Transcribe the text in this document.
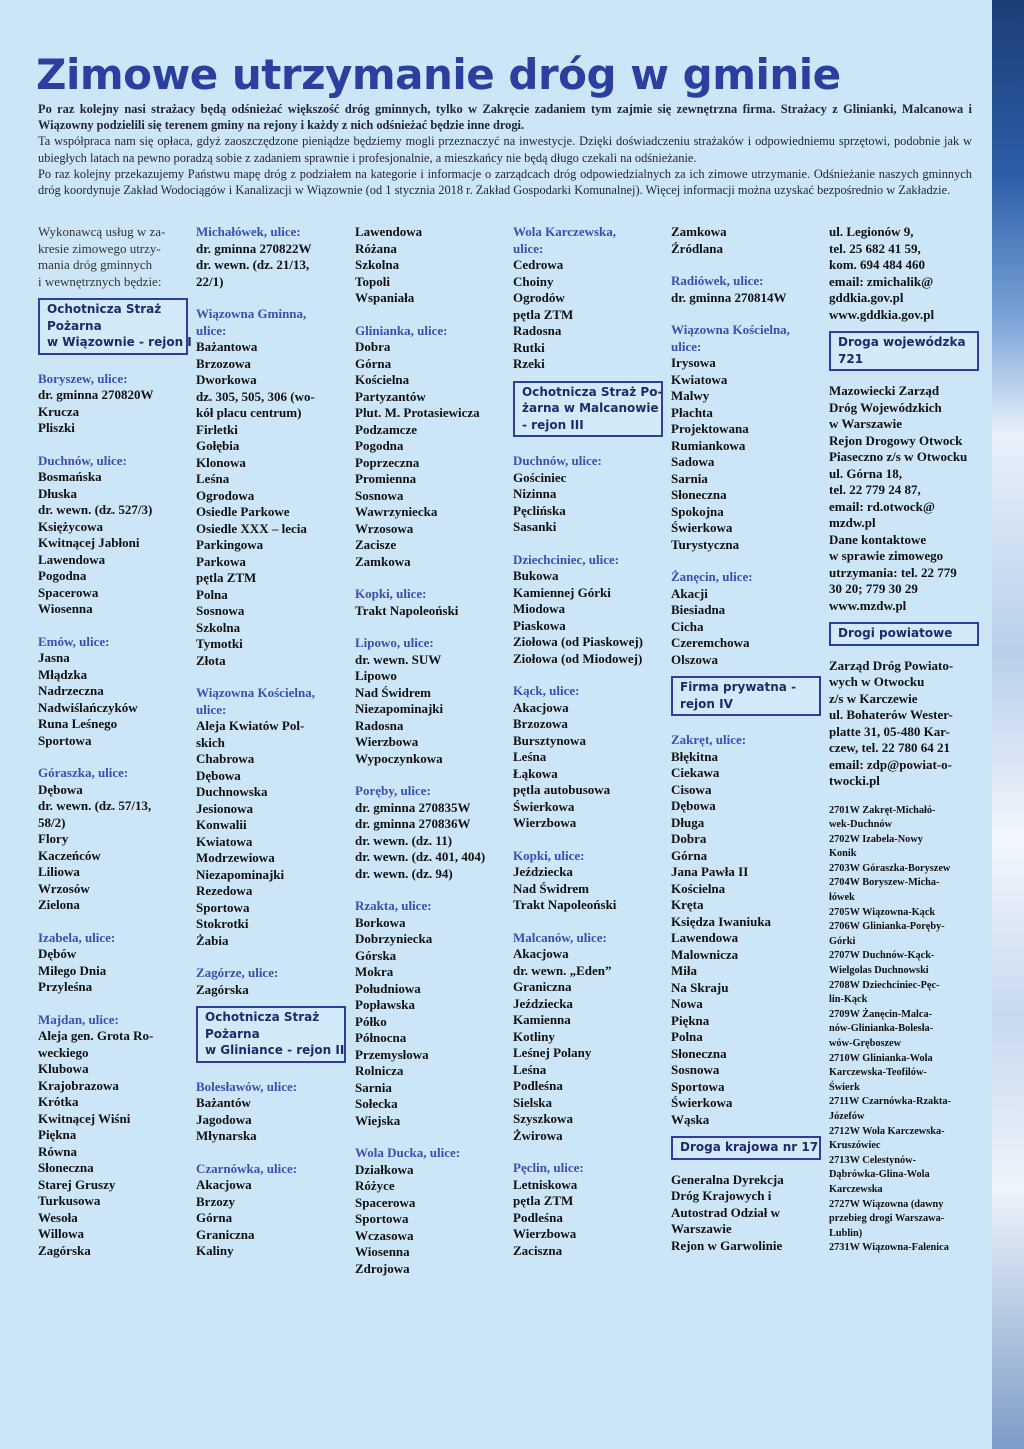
Zimowe utrzymanie dróg w gminie

Po raz kolejny nasi strażacy będą odśnieżać większość dróg gminnych, tylko w Zakręcie zadaniem tym zajmie się zewnętrzna firma. Strażacy z Glinianki, Malcanowa i Wiązowny podzielili się terenem gminy na rejony i każdy z nich odśnieżać będzie inne drogi.

Ta współpraca nam się opłaca, gdyż zaoszczędzone pieniądze będziemy mogli przeznaczyć na inwestycje. Dzięki doświadczeniu strażaków i odpowiedniemu sprzętowi, podobnie jak w ubiegłych latach na pewno poradzą sobie z zadaniem sprawnie i profesjonalnie, a mieszkańcy nie będą długo czekali na odśnieżanie.

Po raz kolejny przekazujemy Państwu mapę dróg z podziałem na kategorie i informacje o zarządcach dróg odpowiedzialnych za ich zimowe utrzymanie. Odśnieżanie naszych gminnych dróg koordynuje Zakład Wodociągów i Kanalizacji w Wiązownie (od 1 stycznia 2018 r. Zakład Gospodarki Komunalnej). Więcej informacji można uzyskać bezpośrednio w Zakładzie.

Wykonawcą usług w za-
kresie zimowego utrzy-
mania dróg gminnych
i wewnętrznych będzie:
Ochotnicza Straż
Pożarna
w Wiązownie - rejon I
Boryszew, ulice:
dr. gminna 270820W
Krucza
Pliszki
Duchnów, ulice:
Bosmańska
Dłuska
dr. wewn. (dz. 527/3)
Księżycowa
Kwitnącej Jabłoni
Lawendowa
Pogodna
Spacerowa
Wiosenna
Emów, ulice:
Jasna
Młądzka
Nadrzeczna
Nadwiślańczyków
Runa Leśnego
Sportowa
Góraszka, ulice:
Dębowa
dr. wewn. (dz. 57/13,
58/2)
Flory
Kaczeńców
Liliowa
Wrzosów
Zielona
Izabela, ulice:
Dębów
Miłego Dnia
Przyleśna
Majdan, ulice:
Aleja gen. Grota Ro-
weckiego
Klubowa
Krajobrazowa
Krótka
Kwitnącej Wiśni
Piękna
Równa
Słoneczna
Starej Gruszy
Turkusowa
Wesoła
Willowa
Zagórska
Michałówek, ulice:
dr. gminna 270822W
dr. wewn. (dz. 21/13,
22/1)
Wiązowna Gminna,
ulice:
Bażantowa
Brzozowa
Dworkowa
dz. 305, 505, 306 (wo-
kół placu centrum)
Firletki
Gołębia
Klonowa
Leśna
Ogrodowa
Osiedle Parkowe
Osiedle XXX – lecia
Parkingowa
Parkowa
pętla ZTM
Polna
Sosnowa
Szkolna
Tymotki
Złota
Wiązowna Kościelna,
ulice:
Aleja Kwiatów Pol-
skich
Chabrowa
Dębowa
Duchnowska
Jesionowa
Konwalii
Kwiatowa
Modrzewiowa
Niezapominajki
Rezedowa
Sportowa
Stokrotki
Żabia
Zagórze, ulice:
Zagórska
Ochotnicza Straż
Pożarna
w Gliniance - rejon II
Bolesławów, ulice:
Bażantów
Jagodowa
Młynarska
Czarnówka, ulice:
Akacjowa
Brzozy
Górna
Graniczna
Kaliny
Lawendowa
Różana
Szkolna
Topoli
Wspaniała
Glinianka, ulice:
Dobra
Górna
Kościelna
Partyzantów
Plut. M. Protasiewicza
Podzamcze
Pogodna
Poprzeczna
Promienna
Sosnowa
Wawrzyniecka
Wrzosowa
Zacisze
Zamkowa
Kopki, ulice:
Trakt Napoleoński
Lipowo, ulice:
dr. wewn. SUW
Lipowo
Nad Świdrem
Niezapominajki
Radosna
Wierzbowa
Wypoczynkowa
Poręby, ulice:
dr. gminna 270835W
dr. gminna 270836W
dr. wewn. (dz. 11)
dr. wewn. (dz. 401, 404)
dr. wewn. (dz. 94)
Rzakta, ulice:
Borkowa
Dobrzyniecka
Górska
Mokra
Południowa
Popławska
Półko
Północna
Przemysłowa
Rolnicza
Sarnia
Sołecka
Wiejska
Wola Ducka, ulice:
Działkowa
Różyce
Spacerowa
Sportowa
Wczasowa
Wiosenna
Zdrojowa
Wola Karczewska,
ulice:
Cedrowa
Choiny
Ogrodów
pętla ZTM
Radosna
Rutki
Rzeki
Ochotnicza Straż Po-
żarna w Malcanowie
- rejon III
Duchnów, ulice:
Gościniec
Nizinna
Pęclińska
Sasanki
Dziechciniec, ulice:
Bukowa
Kamiennej Górki
Miodowa
Piaskowa
Ziołowa (od Piaskowej)
Ziołowa (od Miodowej)
Kąck, ulice:
Akacjowa
Brzozowa
Bursztynowa
Leśna
Łąkowa
pętla autobusowa
Świerkowa
Wierzbowa
Kopki, ulice:
Jeździecka
Nad Świdrem
Trakt Napoleoński
Malcanów, ulice:
Akacjowa
dr. wewn. „Eden”
Graniczna
Jeździecka
Kamienna
Kotliny
Leśnej Polany
Leśna
Podleśna
Sielska
Szyszkowa
Żwirowa
Pęclin, ulice:
Letniskowa
pętla ZTM
Podleśna
Wierzbowa
Zaciszna
Zamkowa
Źródlana
Radiówek, ulice:
dr. gminna 270814W
Wiązowna Kościelna,
ulice:
Irysowa
Kwiatowa
Malwy
Płachta
Projektowana
Rumiankowa
Sadowa
Sarnia
Słoneczna
Spokojna
Świerkowa
Turystyczna
Żanęcin, ulice:
Akacji
Biesiadna
Cicha
Czeremchowa
Olszowa
Firma prywatna -
rejon IV
Zakręt, ulice:
Błękitna
Ciekawa
Cisowa
Dębowa
Długa
Dobra
Górna
Jana Pawła II
Kościelna
Kręta
Księdza Iwaniuka
Lawendowa
Malownicza
Miła
Na Skraju
Nowa
Piękna
Polna
Słoneczna
Sosnowa
Sportowa
Świerkowa
Wąska
Droga krajowa nr 17
Generalna Dyrekcja
Dróg Krajowych i
Autostrad Odział w
Warszawie
Rejon w Garwolinie
ul. Legionów 9,
tel. 25 682 41 59,
kom. 694 484 460
email: zmichalik@
gddkia.gov.pl
www.gddkia.gov.pl
Droga wojewódzka
721
Mazowiecki Zarząd
Dróg Wojewódzkich
w Warszawie
Rejon Drogowy Otwock
Piaseczno z/s w Otwocku
ul. Górna 18,
tel. 22 779 24 87,
email: rd.otwock@
mzdw.pl
Dane kontaktowe
w sprawie zimowego
utrzymania: tel. 22 779
30 20; 779 30 29
www.mzdw.pl
Drogi powiatowe
Zarząd Dróg Powiato-
wych w Otwocku
z/s w Karczewie
ul. Bohaterów Wester-
platte 31, 05-480 Kar-
czew, tel. 22 780 64 21
email: zdp@powiat-o-
twocki.pl
2701W Zakręt-Michałó-
wek-Duchnów
2702W Izabela-Nowy
Konik
2703W Góraszka-Boryszew
2704W Boryszew-Micha-
łówek
2705W Wiązowna-Kąck
2706W Glinianka-Poręby-
Górki
2707W Duchnów-Kąck-
Wielgolas Duchnowski
2708W Dziechciniec-Pęc-
lin-Kąck
2709W Żanęcin-Malca-
nów-Glinianka-Bolesła-
wów-Gręboszew
2710W Glinianka-Wola
Karczewska-Teofilów-
Świerk
2711W Czarnówka-Rzakta-
Józefów
2712W Wola Karczewska-
Kruszówiec
2713W Celestynów-
Dąbrówka-Glina-Wola
Karczewska
2727W Wiązowna (dawny
przebieg drogi Warszawa-
Lublin)
2731W Wiązowna-Falenica
